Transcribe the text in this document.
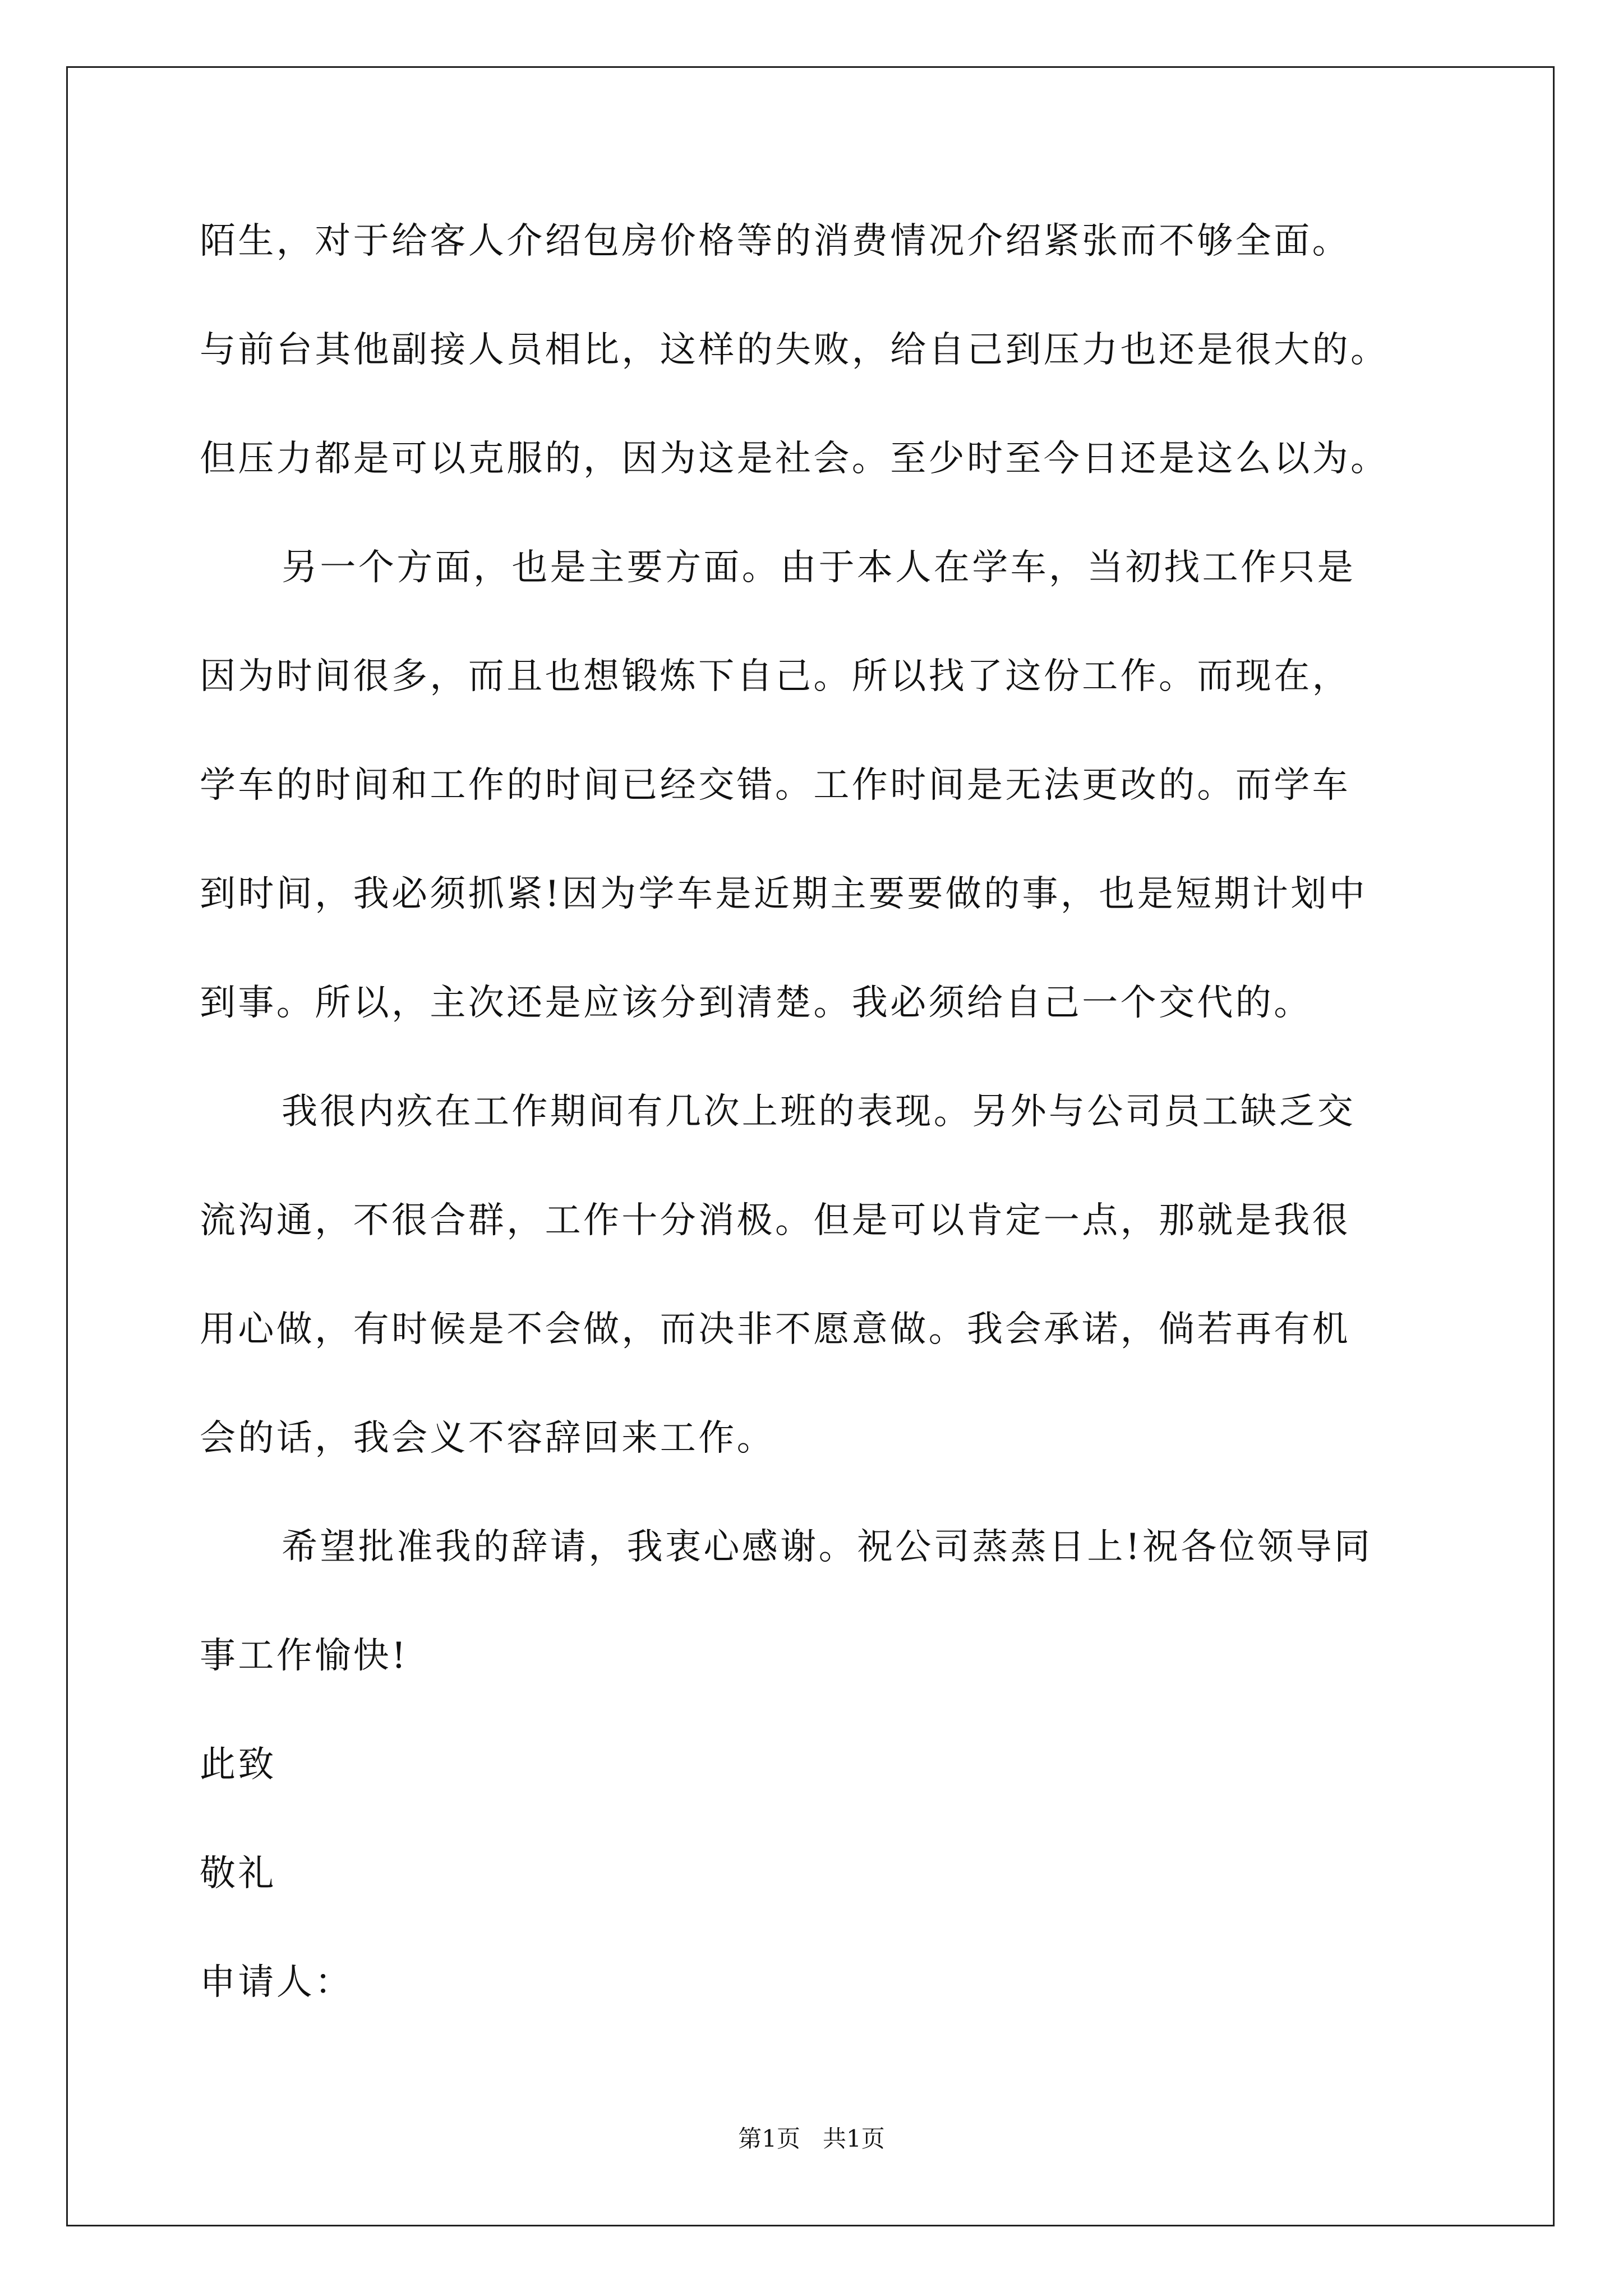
陌生，对于给客人介绍包房价格等的消费情况介绍紧张而不够全面。
与前台其他副接人员相比，这样的失败，给自己到压力也还是很大的。
但压力都是可以克服的，因为这是社会。至少时至今日还是这么以为。
另一个方面，也是主要方面。由于本人在学车，当初找工作只是
因为时间很多，而且也想锻炼下自己。所以找了这份工作。而现在，
学车的时间和工作的时间已经交错。工作时间是无法更改的。而学车
到时间，我必须抓紧!因为学车是近期主要要做的事，也是短期计划中
到事。所以，主次还是应该分到清楚。我必须给自己一个交代的。
我很内疚在工作期间有几次上班的表现。另外与公司员工缺乏交
流沟通，不很合群，工作十分消极。但是可以肯定一点，那就是我很
用心做，有时候是不会做，而决非不愿意做。我会承诺，倘若再有机
会的话，我会义不容辞回来工作。
希望批准我的辞请，我衷心感谢。祝公司蒸蒸日上!祝各位领导同
事工作愉快!
此致
敬礼
申请人：
第1页   共1页
